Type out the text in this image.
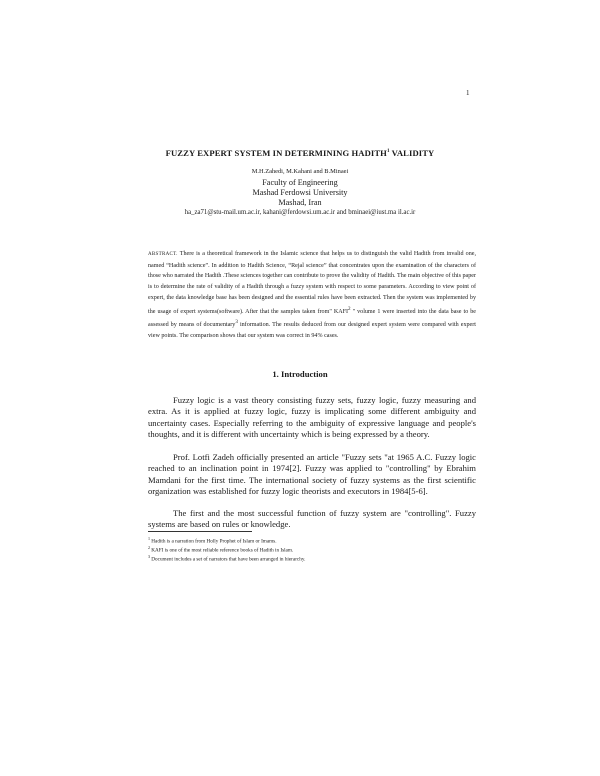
1
FUZZY EXPERT SYSTEM IN DETERMINING HADITH$^1$ VALIDITY
M.H.Zahedi, M.Kahani and B.Minaei
Faculty of Engineering
Mashad Ferdowsi University
Mashad, Iran
ha_za71@stu-mail.um.ac.ir, kahani@ferdowsi.um.ac.ir and bminaei@iust.ma il.ac.ir

ABSTRACT. There is a theoretical framework in the Islamic science that helps us to distinguish the valid Hadith from invalid one, named “Hadith science”. In addition to Hadith Science, “Rejal science” that concentrates upon the examination of the characters of those who narrated the Hadith .These sciences together can contribute to prove the validity of Hadith. The main objective of this paper is to determine the rate of validity of a Hadith through a fuzzy system with respect to some parameters. According to view point of expert, the data knowledge base has been designed and the essential rules have been extracted. Then the system was implemented by the usage of expert systems(software). After that the samples taken from" KAFI$^2$ " volume 1 were inserted into the data base to be assessed by means of documentary$^3$ information. The results deduced from our designed expert system were compared with expert view points. The comparison shows that our system was correct in 94% cases.

1. Introduction

Fuzzy logic is a vast theory consisting fuzzy sets, fuzzy logic, fuzzy measuring and extra. As it is applied at fuzzy logic, fuzzy is implicating some different ambiguity and uncertainty cases. Especially referring to the ambiguity of expressive language and people's thoughts, and it is different with uncertainty which is being expressed by a theory.

Prof. Lotfi Zadeh officially presented an article "Fuzzy sets "at 1965 A.C. Fuzzy logic reached to an inclination point in 1974[2]. Fuzzy was applied to "controlling" by Ebrahim Mamdani for the first time. The international society of fuzzy systems as the first scientific organization was established for fuzzy logic theorists and executors in 1984[5-6].

The first and the most successful function of fuzzy system are "controlling". Fuzzy systems are based on rules or knowledge.

$^1$ Hadith is a narration from Holly Prophet of Islam or Imams.
$^2$ KAFI is one of the most reliable reference books of Hadith in Islam.
$^3$ Document includes a set of narrators that have been arranged in hierarchy.
